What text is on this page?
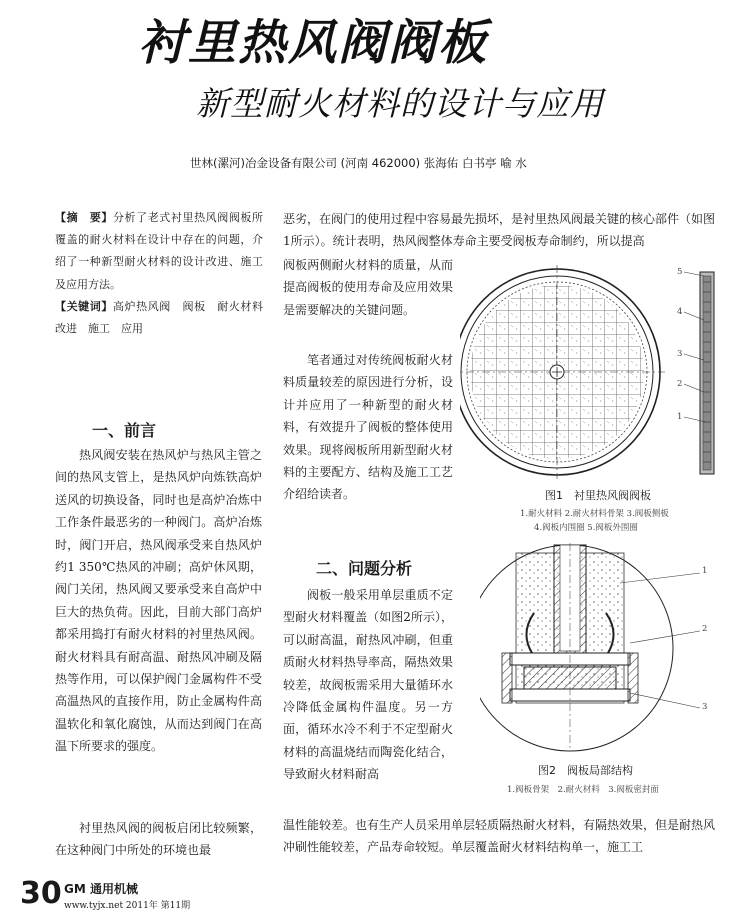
衬里热风阀阀板
新型耐火材料的设计与应用
世林(漯河)冶金设备有限公司 (河南 462000) 张海佑 白书亭 喻 水
【摘　要】分析了老式衬里热风阀阀板所覆盖的耐火材料在设计中存在的问题，介绍了一种新型耐火材料的设计改进、施工及应用方法。
【关键词】高炉热风阀　阀板　耐火材料　改进　施工　应用
一、前言
热风阀安装在热风炉与热风主管之间的热风支管上，是热风炉向炼铁高炉送风的切换设备，同时也是高炉冶炼中工作条件最恶劣的一种阀门。高炉冶炼时，阀门开启，热风阀承受来自热风炉约1 350℃热风的冲刷；高炉休风期，阀门关闭，热风阀又要承受来自高炉中巨大的热负荷。因此，目前大部门高炉都采用捣打有耐火材料的衬里热风阀。耐火材料具有耐高温、耐热风冲刷及隔热等作用，可以保护阀门金属构件不受高温热风的直接作用，防止金属构件高温软化和氧化腐蚀，从而达到阀门在高温下所要求的强度。
衬里热风阀的阀板启闭比较频繁，在这种阀门中所处的环境也最
恶劣，在阀门的使用过程中容易最先损坏，是衬里热风阀最关键的核心部件（如图1所示）。统计表明，热风阀整体寿命主要受阀板寿命制约，所以提高
阀板两侧耐火材料的质量，从而提高阀板的使用寿命及应用效果是需要解决的关键问题。
笔者通过对传统阀板耐火材料质量较差的原因进行分析，设计并应用了一种新型的耐火材料，有效提升了阀板的整体使用效果。现将阀板所用新型耐火材料的主要配方、结构及施工工艺介绍给读者。
二、问题分析
阀板一般采用单层重质不定型耐火材料覆盖（如图2所示），可以耐高温，耐热风冲刷，但重质耐火材料热导率高，隔热效果较差，故阀板需采用大量循环水冷降低金属构件温度。另一方面，循环水冷不利于不定型耐火材料的高温烧结而陶瓷化结合，导致耐火材料耐高
温性能较差。也有生产人员采用单层轻质隔热耐火材料，有隔热效果，但是耐热风冲刷性能较差，产品寿命较短。单层覆盖耐火材料结构单一，施工工
5
4
3
2
1
图1　衬里热风阀阀板
1.耐火材料 2.耐火材料骨架 3.阀板侧板
4.阀板内围圈 5.阀板外围圈
1
2
3
图2　阀板局部结构
1.阀板骨架　2.耐火材料　3.阀板密封面
30 GM 通用机械
www.tyjx.net 2011年 第11期
